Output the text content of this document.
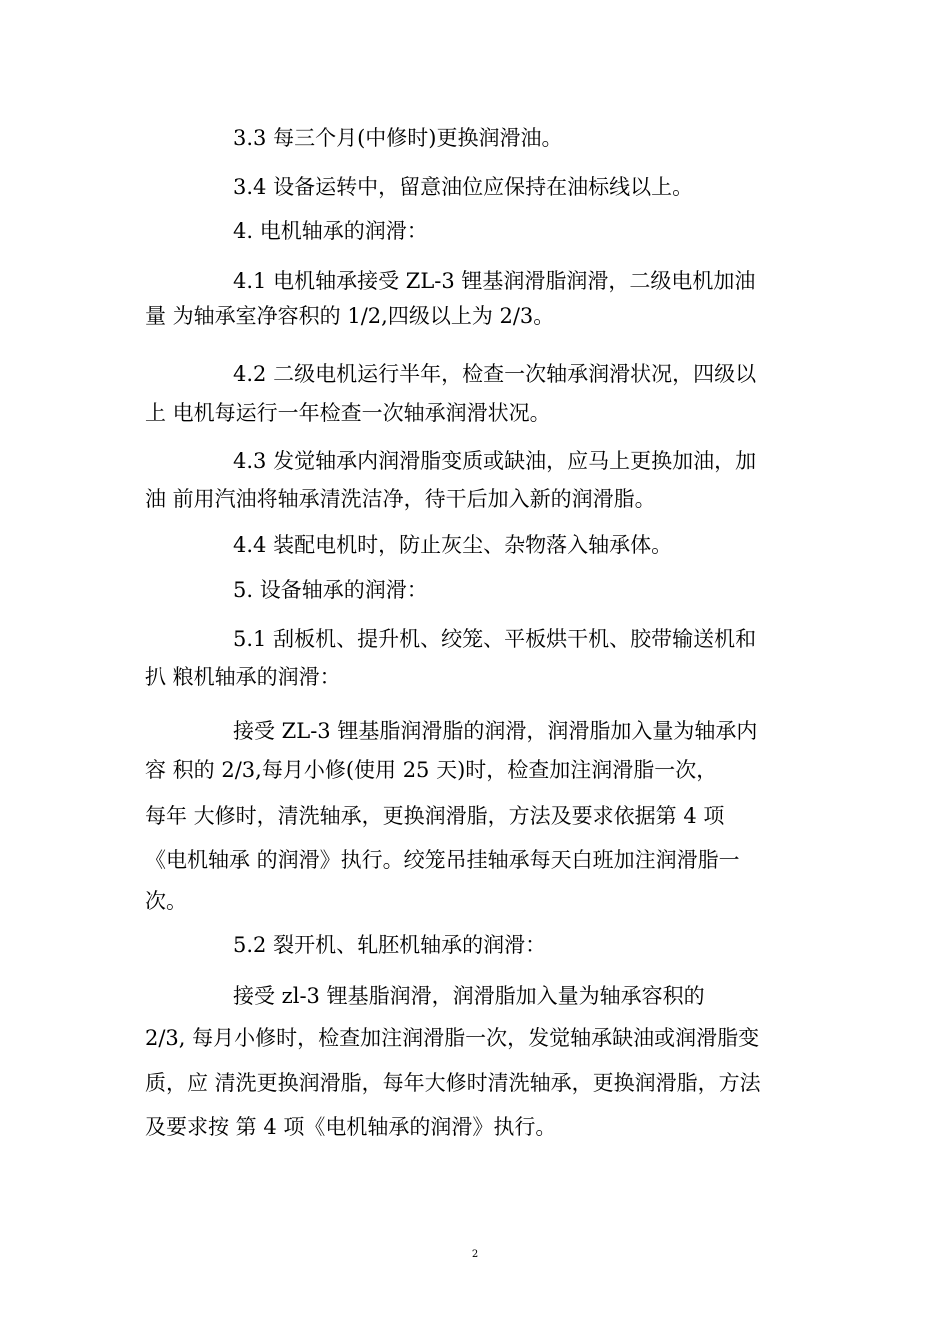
3.3 每三个月(中修时)更换润滑油。
3.4 设备运转中，留意油位应保持在油标线以上。
4. 电机轴承的润滑：
4.1 电机轴承接受 ZL-3 锂基润滑脂润滑，二级电机加油
量 为轴承室净容积的 1/2,四级以上为 2/3。
4.2 二级电机运行半年，检查一次轴承润滑状况，四级以
上 电机每运行一年检查一次轴承润滑状况。
4.3 发觉轴承内润滑脂变质或缺油，应马上更换加油，加
油 前用汽油将轴承清洗洁净，待干后加入新的润滑脂。
4.4 装配电机时，防止灰尘、杂物落入轴承体。
5. 设备轴承的润滑：
5.1 刮板机、提升机、绞笼、平板烘干机、胶带输送机和
扒 粮机轴承的润滑：
接受 ZL-3 锂基脂润滑脂的润滑，润滑脂加入量为轴承内
容 积的 2/3,每月小修(使用 25 天)时，检查加注润滑脂一次，
每年 大修时，清洗轴承，更换润滑脂，方法及要求依据第 4 项
《电机轴承 的润滑》执行。绞笼吊挂轴承每天白班加注润滑脂一
次。
5.2 裂开机、轧胚机轴承的润滑：
接受 zl-3 锂基脂润滑，润滑脂加入量为轴承容积的
2/3, 每月小修时，检查加注润滑脂一次，发觉轴承缺油或润滑脂变
质，应 清洗更换润滑脂，每年大修时清洗轴承，更换润滑脂，方法
及要求按 第 4 项《电机轴承的润滑》执行。
2
